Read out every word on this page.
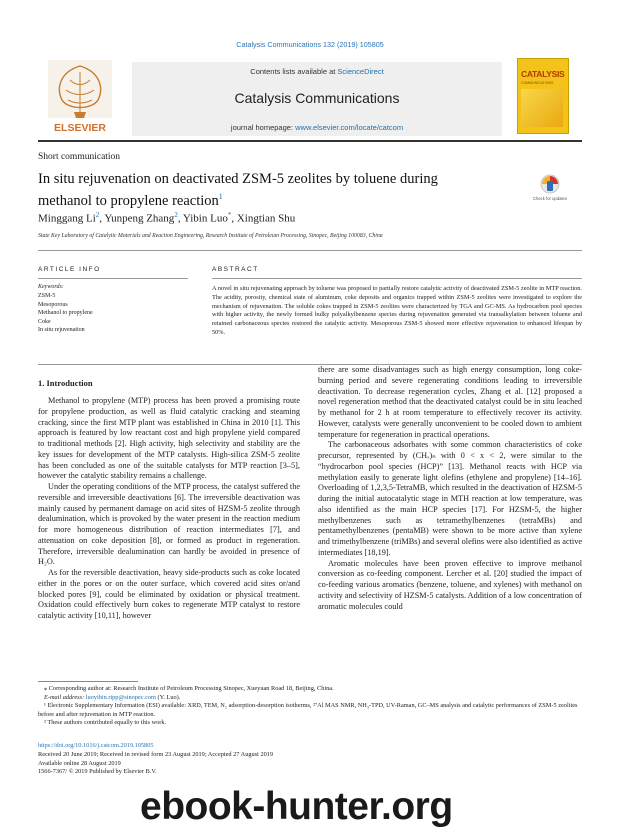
Catalysis Communications 132 (2019) 105805
ELSEVIER
Contents lists available at ScienceDirect
Catalysis Communications
journal homepage: www.elsevier.com/locate/catcom
CATALYSIS
COMMUNICATIONS
Short communication
In situ rejuvenation on deactivated ZSM-5 zeolites by toluene during methanol to propylene reaction$^1$	Check for updates
Minggang Li$^2$, Yunpeng Zhang$^2$, Yibin Luo*, Xingtian Shu
State Key Laboratory of Catalytic Materials and Reaction Engineering, Research Institute of Petroleum Processing, Sinopec, Beijing 100083, China
ARTICLE INFO
Keywords:
ZSM-5
Mesoporous
Methanol to propylene
Coke
In situ rejuvenation
ABSTRACT
A novel in situ rejuvenating approach by toluene was proposed to partially restore catalytic activity of deactivated ZSM-5 zeolite in MTP reaction. The acidity, porosity, chemical state of aluminum, coke deposits and organics trapped within ZSM-5 zeolites were investigated to explore the mechanism of rejuvenation. The soluble cokes trapped in ZSM-5 zeolites were characterized by TGA and GC-MS. As hydrocarbon pool species with higher activity, the newly formed bulky polyalkylbenzene species during rejuvenation generated via transalkylation between toluene and retained carbonaceous species restored the catalytic activity. Mesoporous ZSM-5 showed more effective rejuvenation to enhanced lifespan by 50%.
1. Introduction

Methanol to propylene (MTP) process has been proved a promising route for propylene production, as well as fluid catalytic cracking and steaming cracking, since the first MTP plant was established in China in 2010 [1]. This approach is featured by low reactant cost and high propylene yield compared to traditional methods [2]. High activity, high selectivity and stability are the key issues for development of the MTP catalysts. High-silica ZSM-5 zeolite has been concluded as one of the suitable catalysts for MTP reaction [3–5], however the catalytic stability remains a challenge.

Under the operating conditions of the MTP process, the catalyst suffered the reversible and irreversible deactivations [6]. The irreversible deactivation was mainly caused by permanent damage on acid sites of HZSM-5 zeolite through dealumination, which is provoked by the water present in the reaction medium for more homogeneous distribution of reaction intermediates [7], and attenuation on coke deposition [8], or formed as product in regeneration. Therefore, irreversible dealumination can hardly be avoided in presence of H₂O.

As for the reversible deactivation, heavy side-products such as coke located either in the pores or on the outer surface, which covered acid sites or/and blocked pores [9], could be eliminated by oxidation or physical treatment. Oxidation could effectively burn cokes to regenerate MTP catalyst to restore catalytic activity [10,11], however

there are some disadvantages such as high energy consumption, long coke-burning period and severe regenerating conditions leading to irreversible deactivation. To decrease regeneration cycles, Zhang et al. [12] proposed a novel regeneration method that the deactivated catalyst could be in situ leached by methanol for 2 h at room temperature to effectively recover its activity. However, catalysts were generally unconvenient to be cooled down to ambient temperature for regeneration in practical operations.

The carbonaceous adsorbates with some common characteristics of coke precursor, represented by (CHₓ)ₙ with 0 < x < 2, were similar to the “hydrocarbon pool species (HCP)” [13]. Methanol reacts with HCP via methylation easily to generate light olefins (ethylene and propylene) [14–16]. Overloading of 1,2,3,5-TetraMB, which resulted in the deactivation of HZSM-5 during the initial autocatalytic stage in MTH reaction at low temperature, was also identified as the main HCP species [17]. For HZSM-5, the higher methylbenzenes such as tetramethylbenzenes (tetraMBs) and pentamethylbenzenes (pentaMB) were shown to be more active than xylene and trimethylbenzene (triMBs) and several olefins were also identified as active intermediates [18,19].

Aromatic molecules have been proven effective to improve methanol conversion as co-feeding component. Lercher et al. [20] studied the impact of co-feeding various aromatics (benzene, toluene, and xylenes) with methanol on activity and selectivity of HZSM-5 catalysts. Addition of a low concentration of aromatic molecules could

⁎ Corresponding author at: Research Institute of Petroleum Processing Sinopec, Xueyuan Road 18, Beijing, China.
E-mail address: luoyibin.ripp@sinopec.com (Y. Luo).
¹ Electronic Supplementary Information (ESI) available: XRD, TEM, N₂ adsorption-desorption isotherms, ²⁷Al MAS NMR, NH₃-TPD, UV-Raman, GC–MS analysis and catalytic performances of ZSM-5 zeolites before and after rejuvenation in MTP reaction.
² These authors contributed equally to this work.
https://doi.org/10.1016/j.catcom.2019.105805
Received 20 June 2019; Received in revised form 23 August 2019; Accepted 27 August 2019
Available online 28 August 2019
1566-7367/ © 2019 Published by Elsevier B.V.
ebook-hunter.org
